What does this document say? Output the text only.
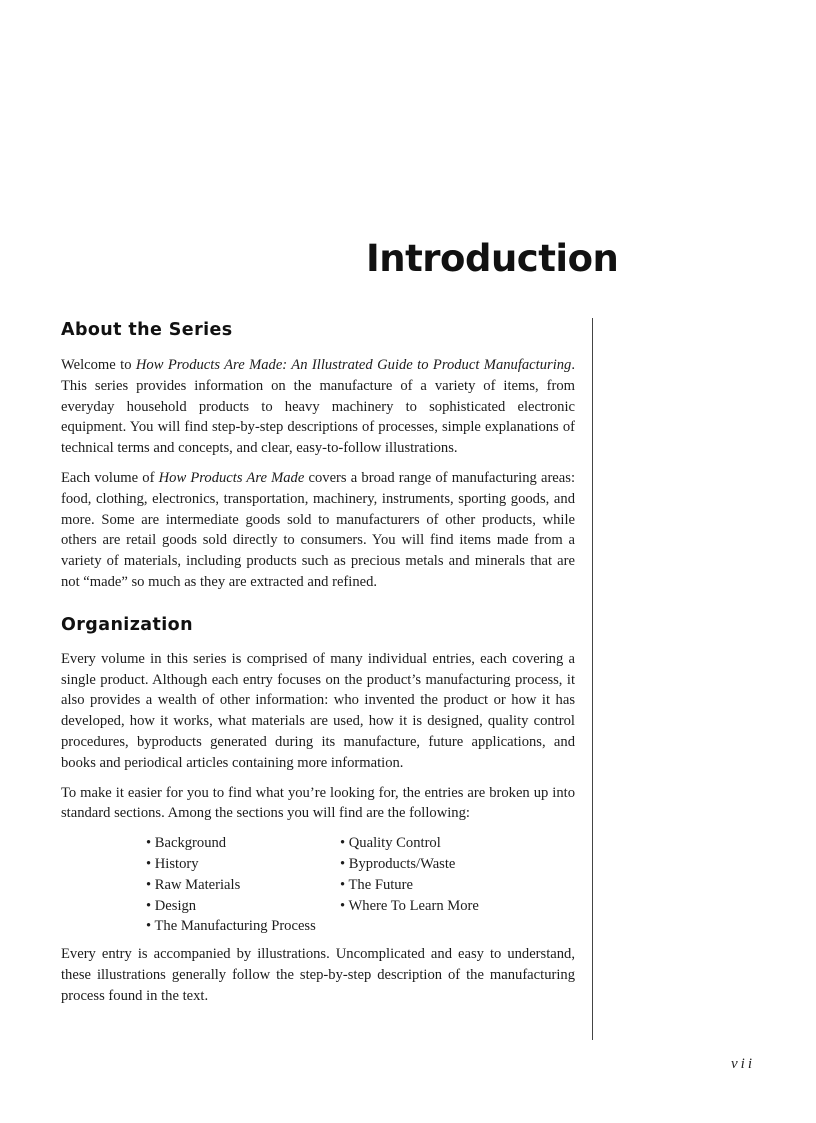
Introduction
About the Series

Welcome to How Products Are Made: An Illustrated Guide to Product Manufacturing. This series provides information on the manufacture of a variety of items, from everyday household products to heavy machinery to sophisticated electronic equipment. You will find step-by-step descriptions of processes, simple explanations of technical terms and concepts, and clear, easy-to-follow illustrations.

Each volume of How Products Are Made covers a broad range of manufacturing areas: food, clothing, electronics, transportation, machinery, instruments, sporting goods, and more. Some are intermediate goods sold to manufacturers of other products, while others are retail goods sold directly to consumers. You will find items made from a variety of materials, including products such as precious metals and minerals that are not “made” so much as they are extracted and refined.

Organization

Every volume in this series is comprised of many individual entries, each covering a single product. Although each entry focuses on the product’s manufacturing process, it also provides a wealth of other information: who invented the product or how it has developed, how it works, what materials are used, how it is designed, quality control procedures, byproducts generated during its manufacture, future applications, and books and periodical articles containing more information.

To make it easier for you to find what you’re looking for, the entries are broken up into standard sections. Among the sections you will find are the following:

• Background
• History
• Raw Materials
• Design
• The Manufacturing Process
• Quality Control
• Byproducts/Waste
• The Future
• Where To Learn More

Every entry is accompanied by illustrations. Uncomplicated and easy to understand, these illustrations generally follow the step-by-step description of the manufacturing process found in the text.

vii
